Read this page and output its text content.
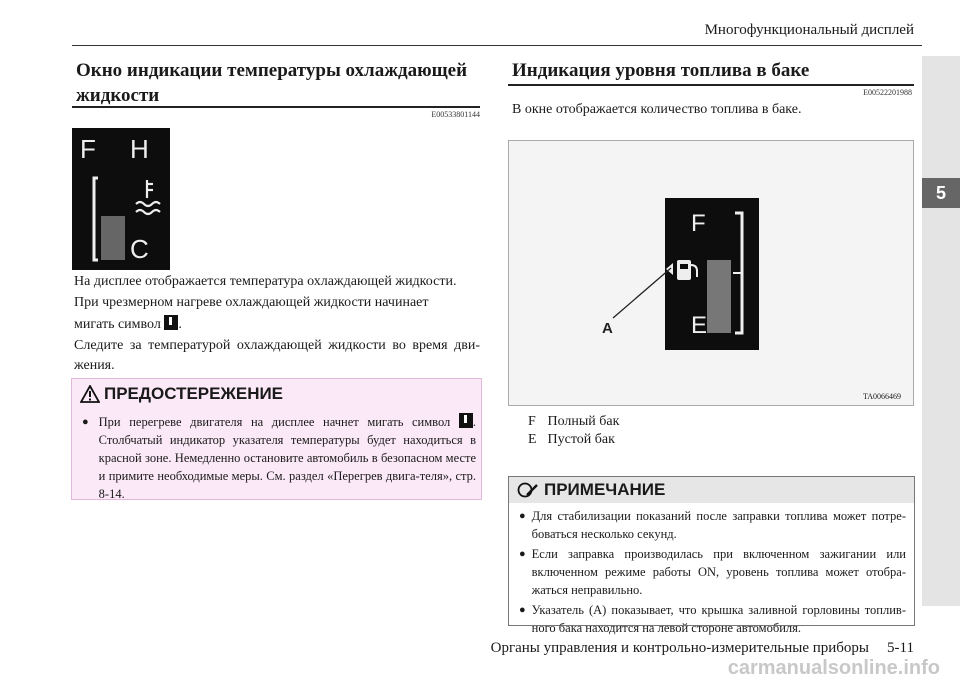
Многофункциональный дисплей
5
Окно индикации температуры охлаждающей
жидкости
E00533801144
F H
C
На дисплее отображается температура охлаждающей жидкости.
При чрезмерном нагреве охлаждающей жидкости начинает
мигать символ .
Следите за температурой охлаждающей жидкости во время дви-жения.
ПРЕДОСТЕРЕЖЕНИЕ
● При перегреве двигателя на дисплее начнет мигать символ . Столбчатый индикатор указателя температуры будет находиться в красной зоне. Немедленно остановите автомобиль в безопасном месте и примите необходимые меры. См. раздел «Перегрев двига-теля», стр. 8-14.
Индикация уровня топлива в баке
E00522201988
В окне отображается количество топлива в баке.
F
E
A
TA0066469
F Полный бак
E Пустой бак
ПРИМЕЧАНИЕ
● Для стабилизации показаний после заправки топлива может потре-боваться несколько секунд.
● Если заправка производилась при включенном зажигании или включенном режиме работы ON, уровень топлива может отобра-жаться неправильно.
● Указатель (A) показывает, что крышка заливной горловины топлив-ного бака находится на левой стороне автомобиля.
Органы управления и контрольно-измерительные приборы 5-11
carmanualsonline.info
